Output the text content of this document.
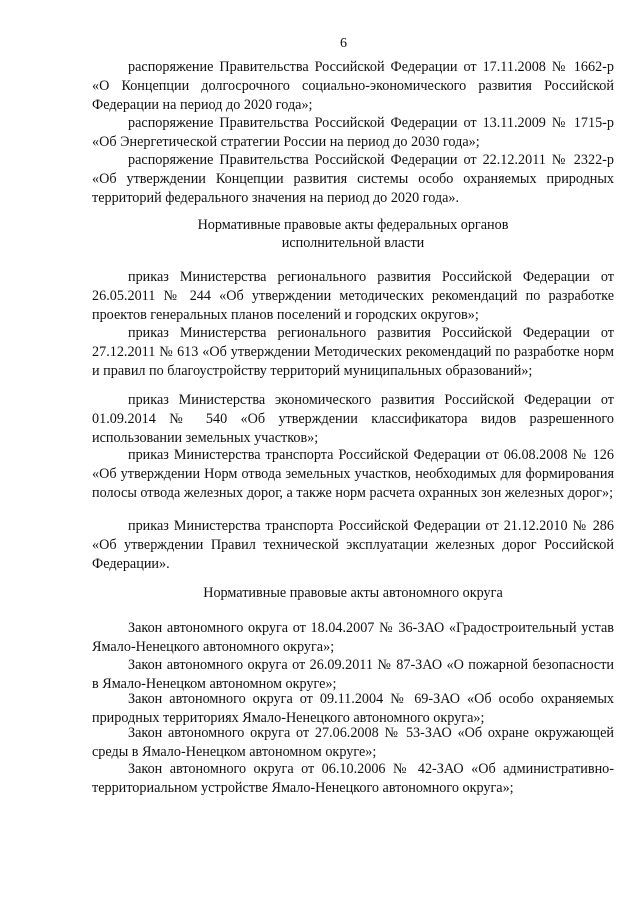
6

распоряжение Правительства Российской Федерации от 17.11.2008 № 1662-р «О Концепции долгосрочного социально-экономического развития Российской Федерации на период до 2020 года»;

распоряжение Правительства Российской Федерации от 13.11.2009 № 1715-р «Об Энергетической стратегии России на период до 2030 года»;

распоряжение Правительства Российской Федерации от 22.12.2011 № 2322-р «Об утверждении Концепции развития системы особо охраняемых природных территорий федерального значения на период до 2020 года».

Нормативные правовые акты федеральных органов
исполнительной власти

приказ Министерства регионального развития Российской Федерации от 26.05.2011 № 244 «Об утверждении методических рекомендаций по разработке проектов генеральных планов поселений и городских округов»;

приказ Министерства регионального развития Российской Федерации от 27.12.2011 № 613 «Об утверждении Методических рекомендаций по разработке норм и правил по благоустройству территорий муниципальных образований»;

приказ Министерства экономического развития Российской Федерации от 01.09.2014 № 540 «Об утверждении классификатора видов разрешенного использовании земельных участков»;

приказ Министерства транспорта Российской Федерации от 06.08.2008 № 126 «Об утверждении Норм отвода земельных участков, необходимых для формирования полосы отвода железных дорог, а также норм расчета охранных зон железных дорог»;

приказ Министерства транспорта Российской Федерации от 21.12.2010 № 286 «Об утверждении Правил технической эксплуатации железных дорог Российской Федерации».

Нормативные правовые акты автономного округа

Закон автономного округа от 18.04.2007 № 36-ЗАО «Градостроительный устав Ямало-Ненецкого автономного округа»;

Закон автономного округа от 26.09.2011 № 87-ЗАО «О пожарной безопасности в Ямало-Ненецком автономном округе»;

Закон автономного округа от 09.11.2004 № 69-ЗАО «Об особо охраняемых природных территориях Ямало-Ненецкого автономного округа»;

Закон автономного округа от 27.06.2008 № 53-ЗАО «Об охране окружающей среды в Ямало-Ненецком автономном округе»;

Закон автономного округа от 06.10.2006 № 42-ЗАО «Об административно-территориальном устройстве Ямало-Ненецкого автономного округа»;
